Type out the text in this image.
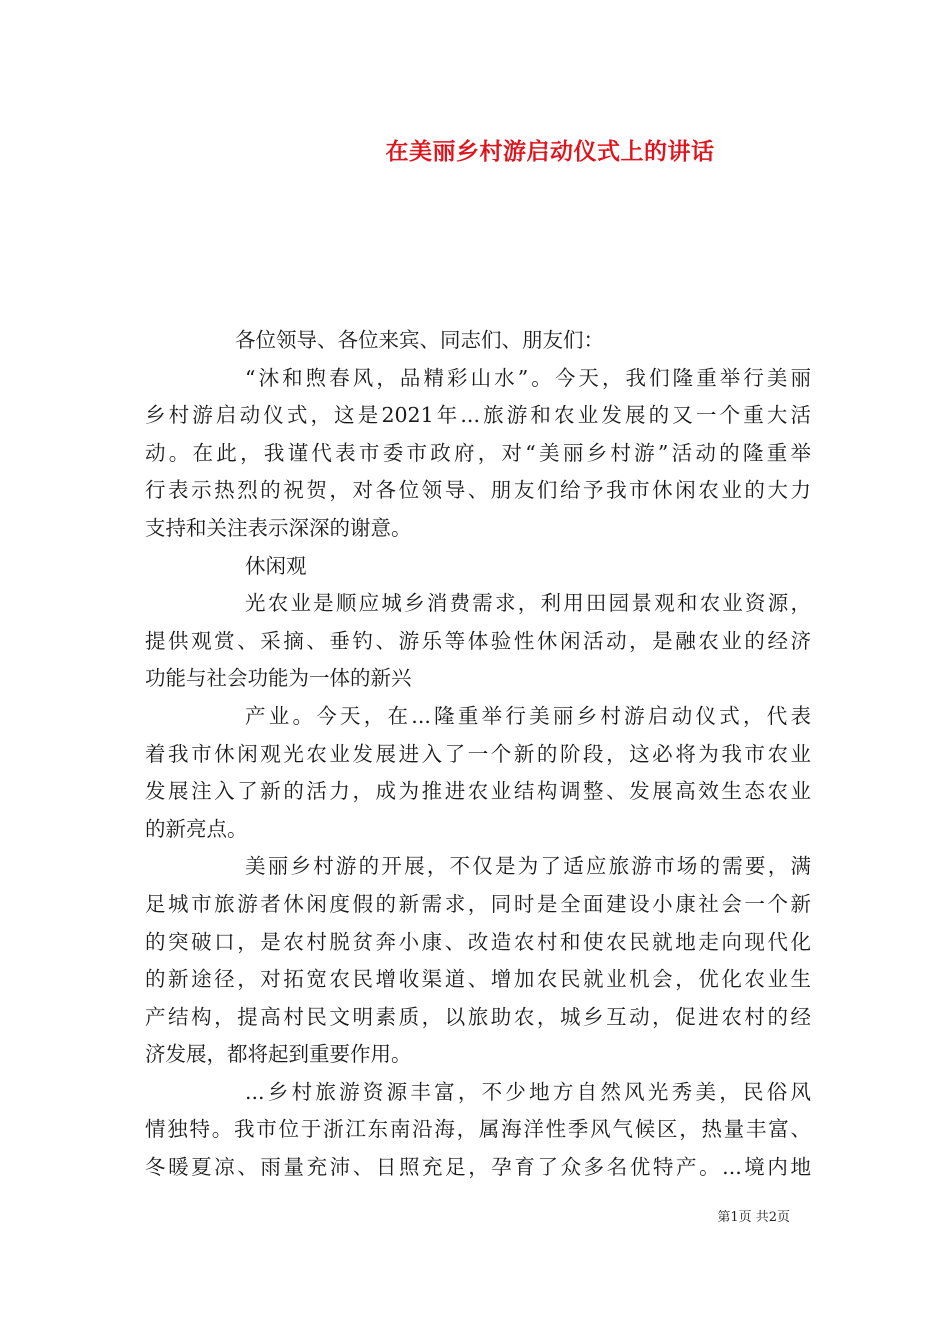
在美丽乡村游启动仪式上的讲话
各位领导、各位来宾、同志们、朋友们：
“沐和煦春风，品精彩山水”。今天，我们隆重举行美丽
乡村游启动仪式，这是2021年...旅游和农业发展的又一个重大活
动。在此，我谨代表市委市政府，对“美丽乡村游”活动的隆重举
行表示热烈的祝贺，对各位领导、朋友们给予我市休闲农业的大力
支持和关注表示深深的谢意。
休闲观
光农业是顺应城乡消费需求，利用田园景观和农业资源，
提供观赏、采摘、垂钓、游乐等体验性休闲活动，是融农业的经济
功能与社会功能为一体的新兴
产业。今天，在...隆重举行美丽乡村游启动仪式，代表
着我市休闲观光农业发展进入了一个新的阶段，这必将为我市农业
发展注入了新的活力，成为推进农业结构调整、发展高效生态农业
的新亮点。
美丽乡村游的开展，不仅是为了适应旅游市场的需要，满
足城市旅游者休闲度假的新需求，同时是全面建设小康社会一个新
的突破口，是农村脱贫奔小康、改造农村和使农民就地走向现代化
的新途径，对拓宽农民增收渠道、增加农民就业机会，优化农业生
产结构，提高村民文明素质，以旅助农，城乡互动，促进农村的经
济发展，都将起到重要作用。
...乡村旅游资源丰富，不少地方自然风光秀美，民俗风
情独特。我市位于浙江东南沿海，属海洋性季风气候区，热量丰富、
冬暖夏凉、雨量充沛、日照充足，孕育了众多名优特产。...境内地
第1页 共2页
